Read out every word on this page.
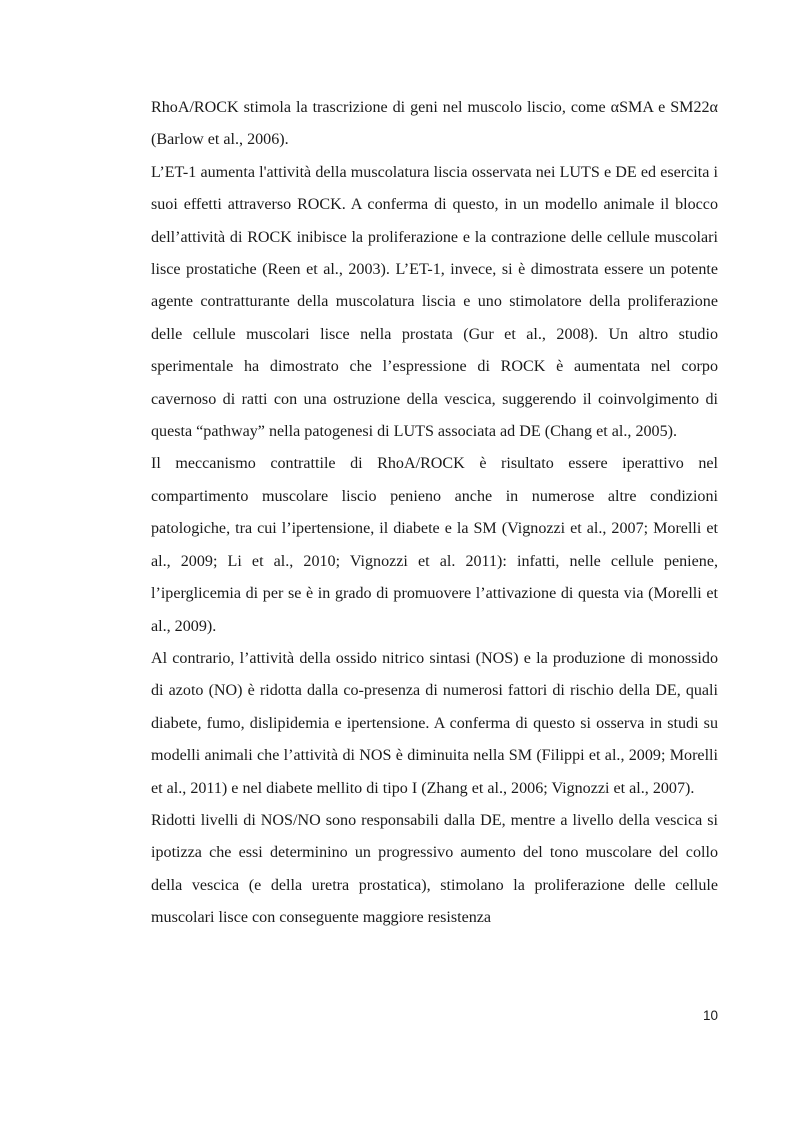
RhoA/ROCK stimola la trascrizione di geni nel muscolo liscio, come αSMA e SM22α (Barlow et al., 2006).

L’ET-1 aumenta l'attività della muscolatura liscia osservata nei LUTS e DE ed esercita i suoi effetti attraverso ROCK. A conferma di questo, in un modello animale il blocco dell’attività di ROCK inibisce la proliferazione e la contrazione delle cellule muscolari lisce prostatiche (Reen et al., 2003). L’ET-1, invece, si è dimostrata essere un potente agente contratturante della muscolatura liscia e uno stimolatore della proliferazione delle cellule muscolari lisce nella prostata (Gur et al., 2008). Un altro studio sperimentale ha dimostrato che l’espressione di ROCK è aumentata nel corpo cavernoso di ratti con una ostruzione della vescica, suggerendo il coinvolgimento di questa “pathway” nella patogenesi di LUTS associata ad DE (Chang et al., 2005).

Il meccanismo contrattile di RhoA/ROCK è risultato essere iperattivo nel compartimento muscolare liscio penieno anche in numerose altre condizioni patologiche, tra cui l’ipertensione, il diabete e la SM (Vignozzi et al., 2007; Morelli et al., 2009; Li et al., 2010; Vignozzi et al. 2011): infatti, nelle cellule peniene, l’iperglicemia di per se è in grado di promuovere l’attivazione di questa via (Morelli et al., 2009).

Al contrario, l’attività della ossido nitrico sintasi (NOS) e la produzione di monossido di azoto (NO) è ridotta dalla co-presenza di numerosi fattori di rischio della DE, quali diabete, fumo, dislipidemia e ipertensione. A conferma di questo si osserva in studi su modelli animali che l’attività di NOS è diminuita nella SM (Filippi et al., 2009; Morelli et al., 2011) e nel diabete mellito di tipo I (Zhang et al., 2006; Vignozzi et al., 2007).

Ridotti livelli di NOS/NO sono responsabili dalla DE, mentre a livello della vescica si ipotizza che essi determinino un progressivo aumento del tono muscolare del collo della vescica (e della uretra prostatica), stimolano la proliferazione delle cellule muscolari lisce con conseguente maggiore resistenza

10
